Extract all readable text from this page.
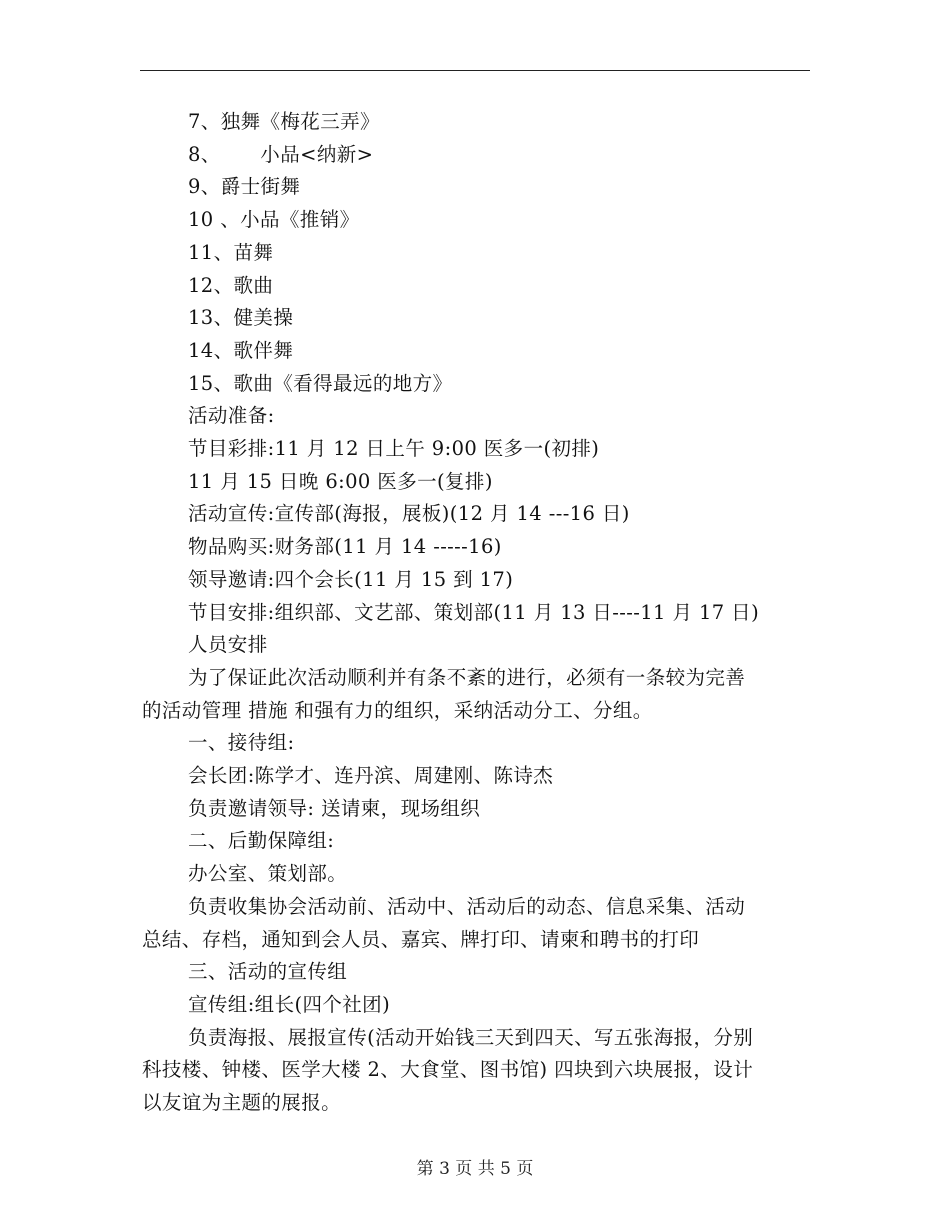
7、独舞《梅花三弄》
8、      小品<纳新>
9、爵士街舞
10 、小品《推销》
11、苗舞
12、歌曲
13、健美操
14、歌伴舞
15、歌曲《看得最远的地方》
活动准备:
节目彩排:11 月 12 日上午 9:00 医多一(初排)
11 月 15 日晚 6:00 医多一(复排)
活动宣传:宣传部(海报，展板)(12 月 14 ---16 日)
物品购买:财务部(11 月 14 -----16)
领导邀请:四个会长(11 月 15 到 17)
节目安排:组织部、文艺部、策划部(11 月 13 日----11 月 17 日)
人员安排
为了保证此次活动顺利并有条不紊的进行，必须有一条较为完善
的活动管理 措施 和强有力的组织，采纳活动分工、分组。
一、接待组:
会长团:陈学才、连丹滨、周建刚、陈诗杰
负责邀请领导: 送请柬，现场组织
二、后勤保障组:
办公室、策划部。
负责收集协会活动前、活动中、活动后的动态、信息采集、活动
总结、存档，通知到会人员、嘉宾、牌打印、请柬和聘书的打印
三、活动的宣传组
宣传组:组长(四个社团)
负责海报、展报宣传(活动开始钱三天到四天、写五张海报，分别
科技楼、钟楼、医学大楼 2、大食堂、图书馆) 四块到六块展报，设计
以友谊为主题的展报。
第 3 页 共 5 页
